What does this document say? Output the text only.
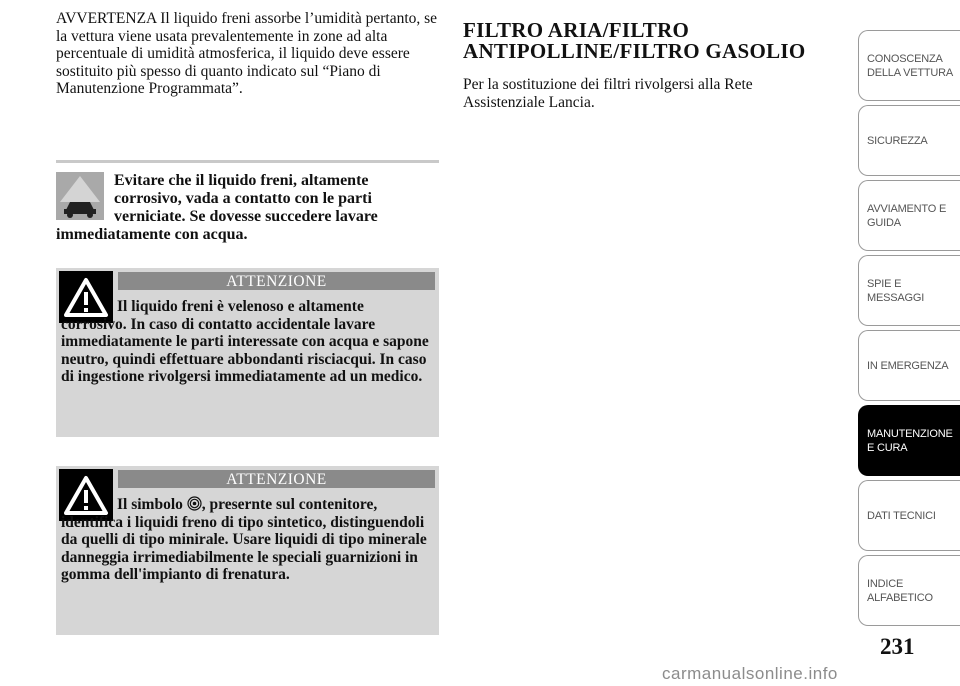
AVVERTENZA Il liquido freni assorbe l’umidità pertanto, se la vettura viene usata prevalentemente in zone ad alta percentuale di umidità atmosferica, il liquido deve essere sostituito più spesso di quanto indicato sul “Piano di Manutenzione Programmata”.

Evitare che il liquido freni, altamente corrosivo, vada a contatto con le parti verniciate. Se dovesse succedere lavare immediatamente con acqua.
ATTENZIONE
Il liquido freni è velenoso e altamente corrosivo. In caso di contatto accidentale lavare immediatamente le parti interessate con acqua e sapone neutro, quindi effettuare abbondanti risciacqui. In caso di ingestione rivolgersi immediatamente ad un medico.
ATTENZIONE
Il simbolo , presernte sul contenitore, identifica i liquidi freno di tipo sintetico, distinguendoli da quelli di tipo minirale. Usare liquidi di tipo minerale danneggia irrimediabilmente le speciali guarnizioni in gomma dell'impianto di frenatura.
FILTRO ARIA/FILTRO ANTIPOLLINE/FILTRO GASOLIO

Per la sostituzione dei filtri rivolgersi alla Rete Assistenziale Lancia.

CONOSCENZA DELLA VETTURA
SICUREZZA
AVVIAMENTO E GUIDA
SPIE E MESSAGGI
IN EMERGENZA
MANUTENZIONE E CURA
DATI TECNICI
INDICE ALFABETICO
231
carmanualsonline.info
